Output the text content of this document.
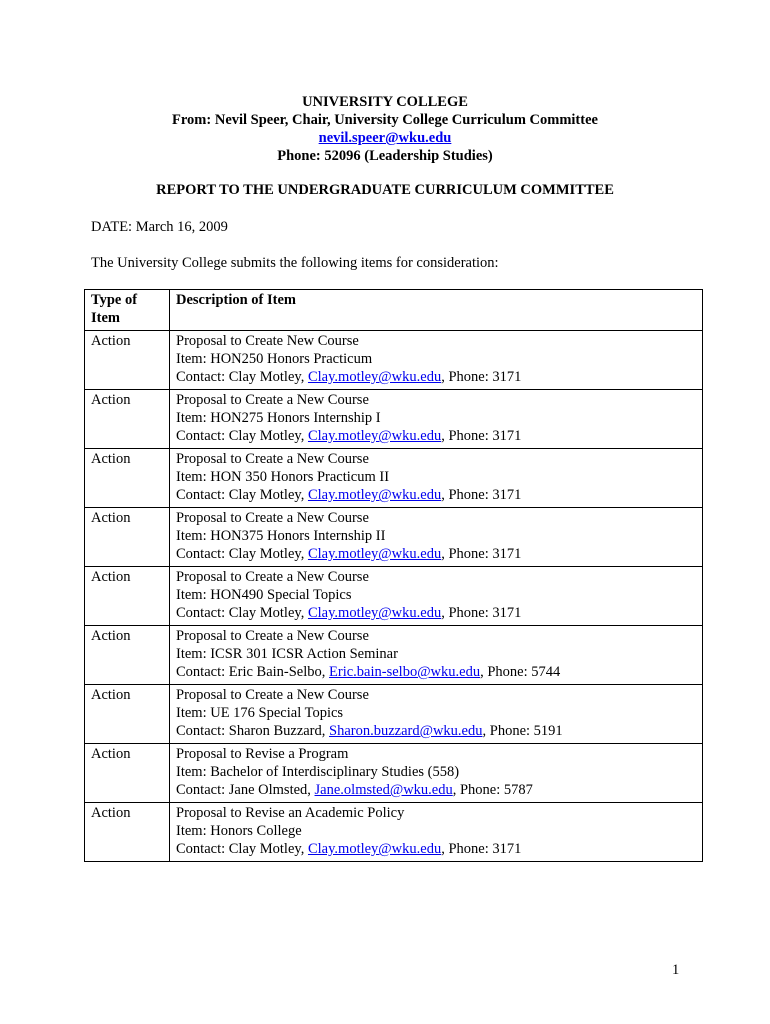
UNIVERSITY COLLEGE
From: Nevil Speer, Chair, University College Curriculum Committee
nevil.speer@wku.edu
Phone: 52096 (Leadership Studies)
REPORT TO THE UNDERGRADUATE CURRICULUM COMMITTEE
DATE: March 16, 2009
The University College submits the following items for consideration:
Type of Item	Description of Item
Action	Proposal to Create New Course
Item: HON250 Honors Practicum
Contact: Clay Motley, Clay.motley@wku.edu, Phone: 3171

Action	Proposal to Create a New Course
Item: HON275 Honors Internship I
Contact: Clay Motley, Clay.motley@wku.edu, Phone: 3171

Action	Proposal to Create a New Course
Item: HON 350 Honors Practicum II
Contact: Clay Motley, Clay.motley@wku.edu, Phone: 3171

Action	Proposal to Create a New Course
Item: HON375 Honors Internship II
Contact: Clay Motley, Clay.motley@wku.edu, Phone: 3171

Action	Proposal to Create a New Course
Item: HON490 Special Topics
Contact: Clay Motley, Clay.motley@wku.edu, Phone: 3171

Action	Proposal to Create a New Course
Item: ICSR 301 ICSR Action Seminar
Contact: Eric Bain-Selbo, Eric.bain-selbo@wku.edu, Phone: 5744

Action	Proposal to Create a New Course
Item: UE 176 Special Topics
Contact: Sharon Buzzard, Sharon.buzzard@wku.edu, Phone: 5191

Action	Proposal to Revise a Program
Item: Bachelor of Interdisciplinary Studies (558)
Contact: Jane Olmsted, Jane.olmsted@wku.edu, Phone: 5787

Action	Proposal to Revise an Academic Policy
Item: Honors College
Contact: Clay Motley, Clay.motley@wku.edu, Phone: 3171
1
